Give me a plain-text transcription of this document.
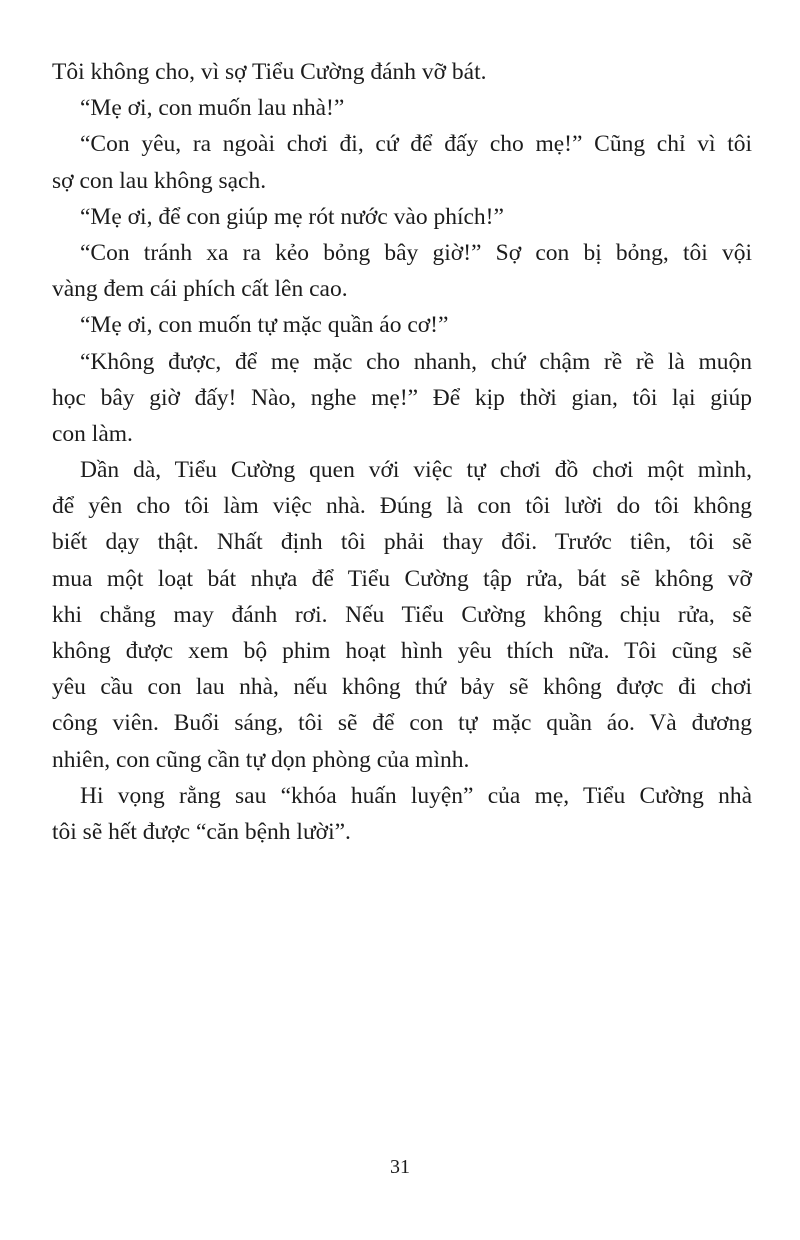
Tôi không cho, vì sợ Tiểu Cường đánh vỡ bát.
“Mẹ ơi, con muốn lau nhà!”
“Con yêu, ra ngoài chơi đi, cứ để đấy cho mẹ!” Cũng chỉ vì tôi
sợ con lau không sạch.
“Mẹ ơi, để con giúp mẹ rót nước vào phích!”
“Con tránh xa ra kẻo bỏng bây giờ!” Sợ con bị bỏng, tôi vội
vàng đem cái phích cất lên cao.
“Mẹ ơi, con muốn tự mặc quần áo cơ!”
“Không được, để mẹ mặc cho nhanh, chứ chậm rề rề là muộn
học bây giờ đấy! Nào, nghe mẹ!” Để kịp thời gian, tôi lại giúp
con làm.
Dần dà, Tiểu Cường quen với việc tự chơi đồ chơi một mình,
để yên cho tôi làm việc nhà. Đúng là con tôi lười do tôi không
biết dạy thật. Nhất định tôi phải thay đổi. Trước tiên, tôi sẽ
mua một loạt bát nhựa để Tiểu Cường tập rửa, bát sẽ không vỡ
khi chẳng may đánh rơi. Nếu Tiểu Cường không chịu rửa, sẽ
không được xem bộ phim hoạt hình yêu thích nữa. Tôi cũng sẽ
yêu cầu con lau nhà, nếu không thứ bảy sẽ không được đi chơi
công viên. Buổi sáng, tôi sẽ để con tự mặc quần áo. Và đương
nhiên, con cũng cần tự dọn phòng của mình.
Hi vọng rằng sau “khóa huấn luyện” của mẹ, Tiểu Cường nhà
tôi sẽ hết được “căn bệnh lười”.
31
